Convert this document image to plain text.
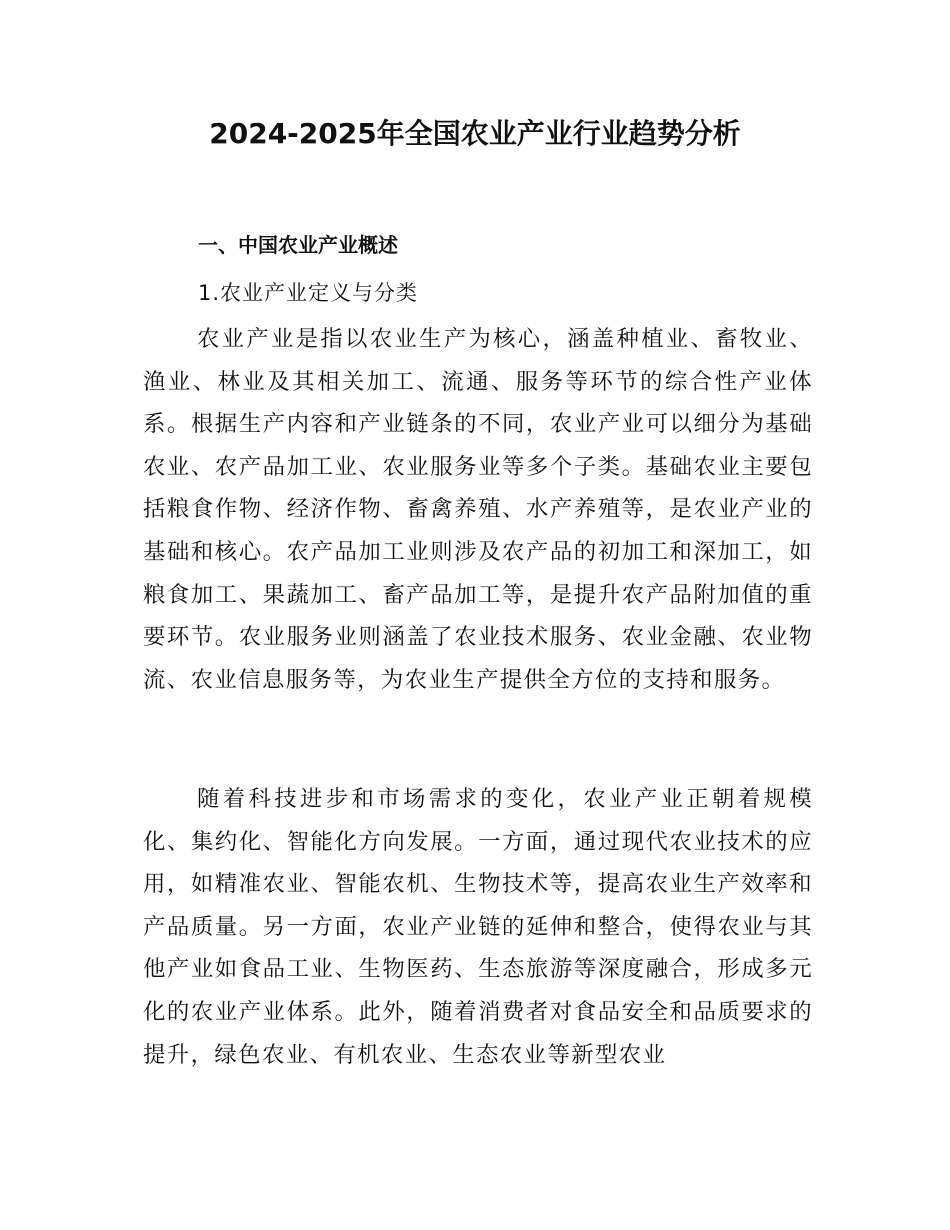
2024-2025年全国农业产业行业趋势分析
一、中国农业产业概述
1.农业产业定义与分类

农业产业是指以农业生产为核心，涵盖种植业、畜牧业、渔业、林业及其相关加工、流通、服务等环节的综合性产业体系。根据生产内容和产业链条的不同，农业产业可以细分为基础农业、农产品加工业、农业服务业等多个子类。基础农业主要包括粮食作物、经济作物、畜禽养殖、水产养殖等，是农业产业的基础和核心。农产品加工业则涉及农产品的初加工和深加工，如粮食加工、果蔬加工、畜产品加工等，是提升农产品附加值的重要环节。农业服务业则涵盖了农业技术服务、农业金融、农业物流、农业信息服务等，为农业生产提供全方位的支持和服务。

随着科技进步和市场需求的变化，农业产业正朝着规模化、集约化、智能化方向发展。一方面，通过现代农业技术的应用，如精准农业、智能农机、生物技术等，提高农业生产效率和产品质量。另一方面，农业产业链的延伸和整合，使得农业与其他产业如食品工业、生物医药、生态旅游等深度融合，形成多元化的农业产业体系。此外，随着消费者对食品安全和品质要求的提升，绿色农业、有机农业、生态农业等新型农业
